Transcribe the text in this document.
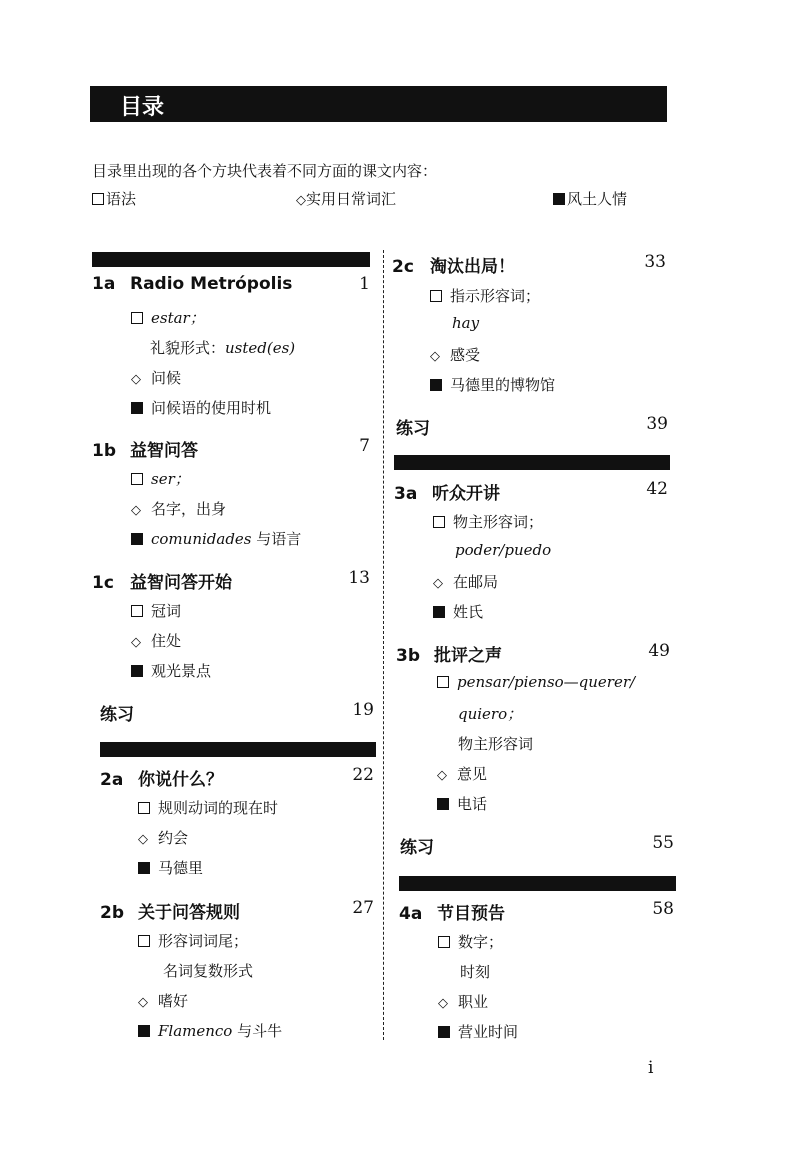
目录
目录里出现的各个方块代表着不同方面的课文内容：
语法	◇实用日常词汇	风土人情
1a Radio Metrópolis	1
estar；
礼貌形式：usted(es)
◇ 问候
问候语的使用时机
1b 益智问答	7
ser；
◇ 名字，出身
comunidades 与语言
1c 益智问答开始	13
冠词
◇ 住处
观光景点
练习	19
2a 你说什么？	22
规则动词的现在时
◇ 约会
马德里
2b 关于问答规则	27
形容词词尾；
名词复数形式
◇ 嗜好
Flamenco 与斗牛
2c 淘汰出局！	33
指示形容词；
hay
◇ 感受
马德里的博物馆
练习	39
3a 听众开讲	42
物主形容词；
poder/puedo
◇ 在邮局
姓氏
3b 批评之声	49
pensar/pienso—querer/
quiero；
物主形容词
◇ 意见
电话
练习	55
4a 节目预告	58
数字；
时刻
◇ 职业
营业时间
i
